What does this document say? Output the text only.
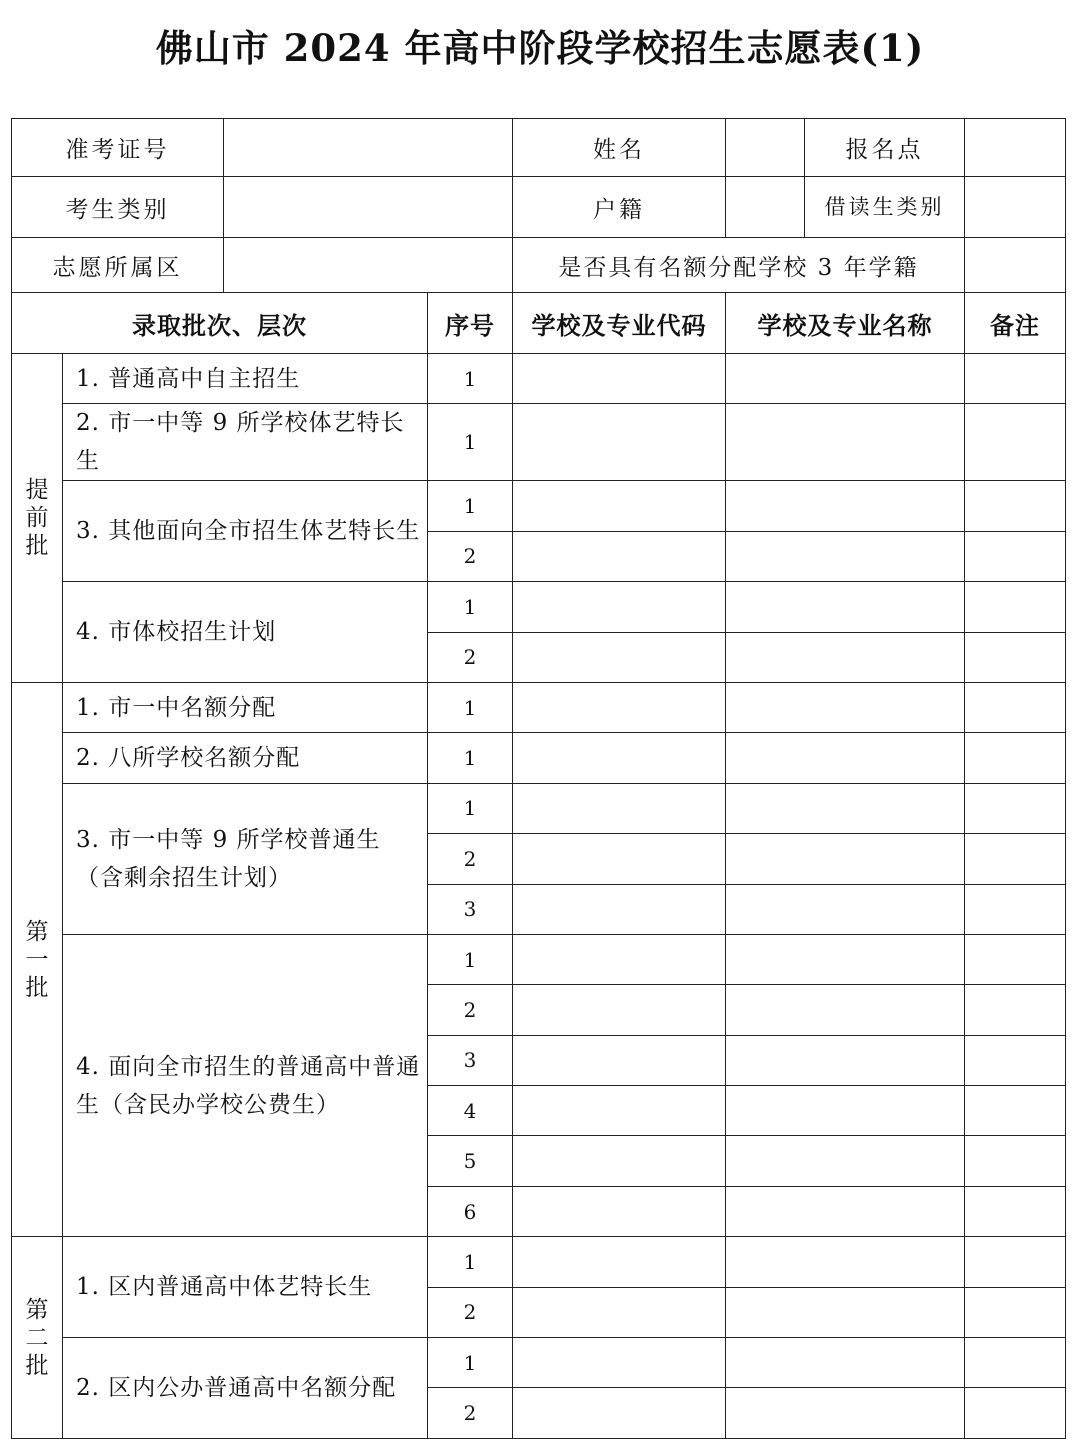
佛山市 2024 年高中阶段学校招生志愿表(1)
准考证号				姓名		报名点	
考生类别				户籍		借读生类别	
志愿所属区				是否具有名额分配学校 3 年学籍			
录取批次、层次			序号	学校及专业代码	学校及专业名称		备注
提前批	1. 普通高中自主招生		1				
	2. 市一中等 9 所学校体艺特长生		1				
	3. 其他面向全市招生体艺特长生		1				
			2				
	4. 市体校招生计划		1				
			2				
第一批	1. 市一中名额分配		1				
	2. 八所学校名额分配		1				
	3. 市一中等 9 所学校普通生（含剩余招生计划）		1				
			2				
			3				
	4. 面向全市招生的普通高中普通生（含民办学校公费生）		1				
			2				
			3				
			4				
			5				
			6				
第二批	1. 区内普通高中体艺特长生		1				
			2				
	2. 区内公办普通高中名额分配		1				
			2				
